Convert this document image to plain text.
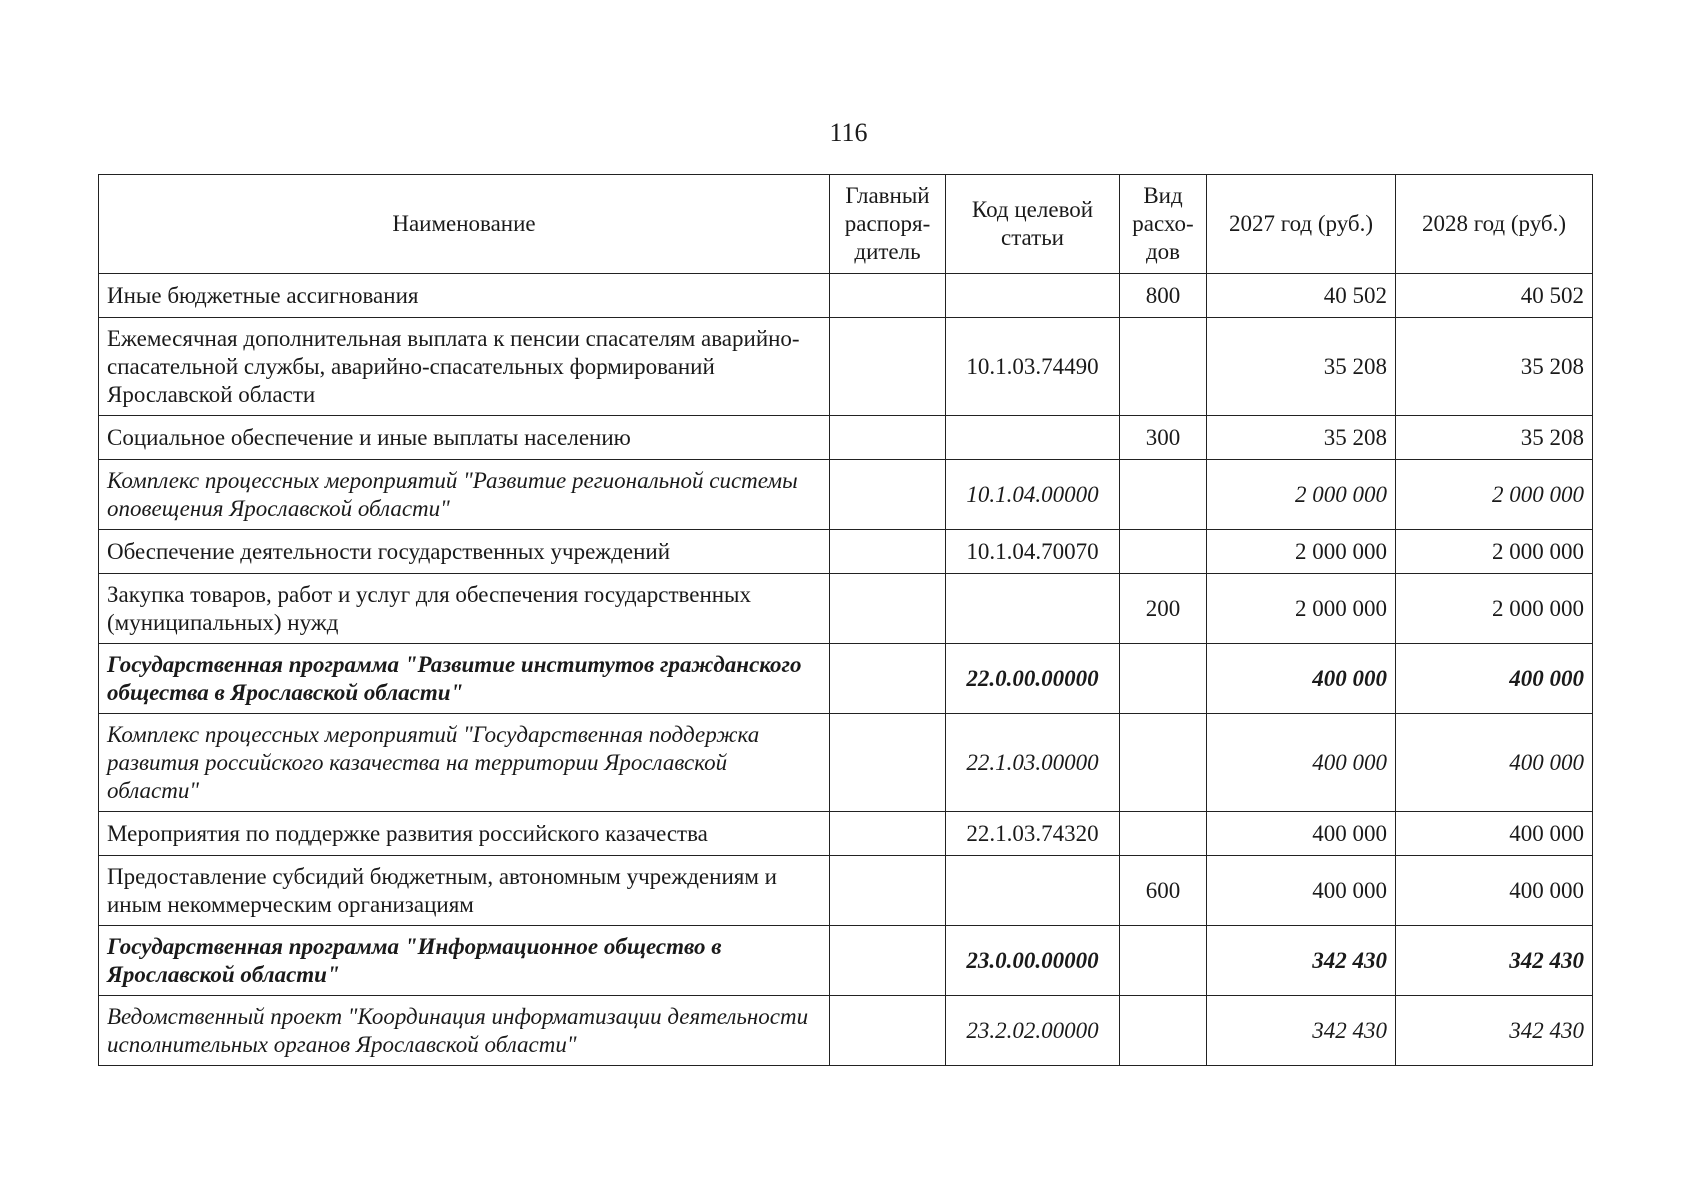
116
Наименование	Главный распоря-дитель	Код целевой статьи	Вид расхо-дов	2027 год (руб.)	2028 год (руб.)
Иные бюджетные ассигнования			800	40 502	40 502
Ежемесячная дополнительная выплата к пенсии спасателям аварийно-спасательной службы, аварийно-спасательных формирований Ярославской области		10.1.03.74490		35 208	35 208
Социальное обеспечение и иные выплаты населению			300	35 208	35 208
Комплекс процессных мероприятий "Развитие региональной системы оповещения Ярославской области"		10.1.04.00000		2 000 000	2 000 000
Обеспечение деятельности государственных учреждений		10.1.04.70070		2 000 000	2 000 000
Закупка товаров, работ и услуг для обеспечения государственных (муниципальных) нужд			200	2 000 000	2 000 000
Государственная программа "Развитие институтов гражданского общества в Ярославской области"		22.0.00.00000		400 000	400 000
Комплекс процессных мероприятий "Государственная поддержка развития российского казачества на территории Ярославской области"		22.1.03.00000		400 000	400 000
Мероприятия по поддержке развития российского казачества		22.1.03.74320		400 000	400 000
Предоставление субсидий бюджетным, автономным учреждениям и иным некоммерческим организациям			600	400 000	400 000
Государственная программа "Информационное общество в Ярославской области"		23.0.00.00000		342 430	342 430
Ведомственный проект "Координация информатизации деятельности исполнительных органов Ярославской области"		23.2.02.00000		342 430	342 430
